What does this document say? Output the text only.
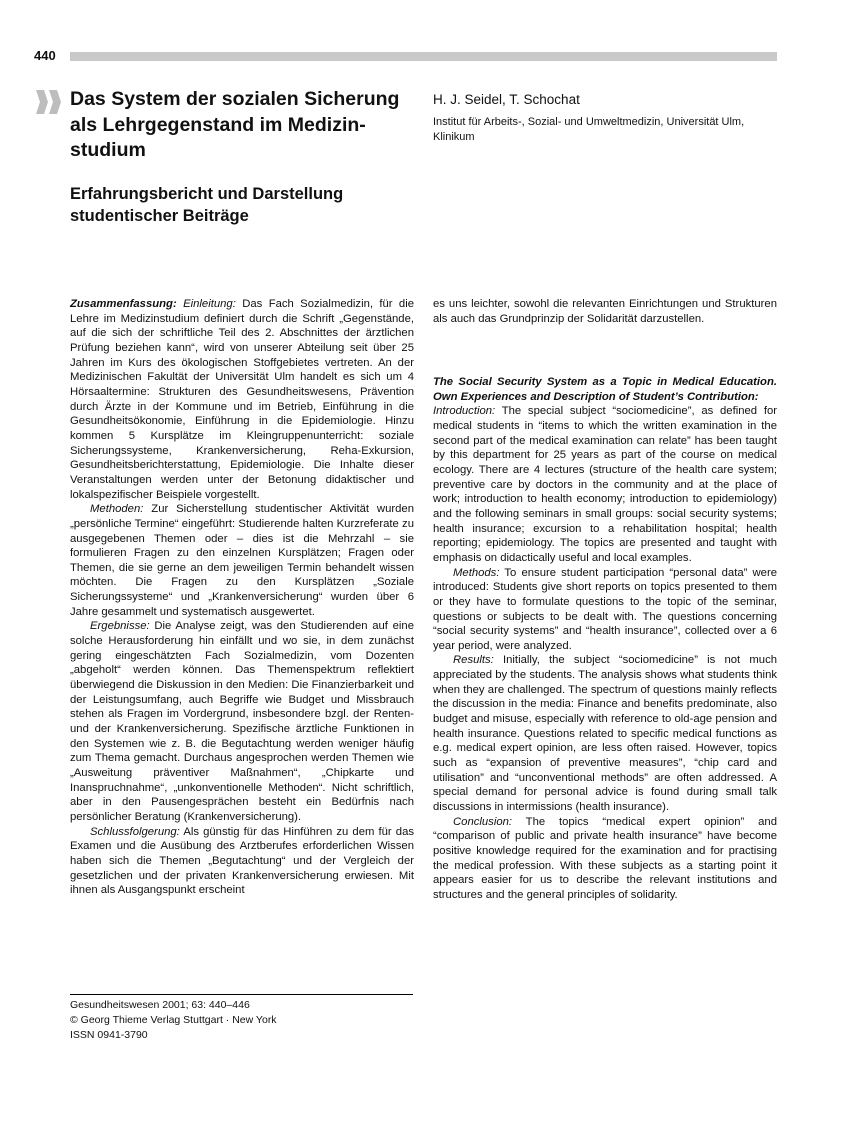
440
Das System der sozialen Sicherung als Lehrgegenstand im Medizin-studium
Erfahrungsbericht und Darstellung studentischer Beiträge
H. J. Seidel, T. Schochat
Institut für Arbeits-, Sozial- und Umweltmedizin, Universität Ulm, Klinikum

Zusammenfassung: Einleitung: Das Fach Sozialmedizin, für die Lehre im Medizinstudium definiert durch die Schrift „Gegenstände, auf die sich der schriftliche Teil des 2. Abschnittes der ärztlichen Prüfung beziehen kann“, wird von unserer Abteilung seit über 25 Jahren im Kurs des ökologischen Stoffgebietes vertreten. An der Medizinischen Fakultät der Universität Ulm handelt es sich um 4 Hörsaaltermine: Strukturen des Gesundheitswesens, Prävention durch Ärzte in der Kommune und im Betrieb, Einführung in die Gesundheitsökonomie, Einführung in die Epidemiologie. Hinzu kommen 5 Kursplätze im Kleingruppenunterricht: soziale Sicherungssysteme, Krankenversicherung, Reha-Exkursion, Gesundheitsberichterstattung, Epidemiologie. Die Inhalte dieser Veranstaltungen werden unter der Betonung didaktischer und lokalspezifischer Beispiele vorgestellt.

Methoden: Zur Sicherstellung studentischer Aktivität wurden „persönliche Termine“ eingeführt: Studierende halten Kurzreferate zu ausgegebenen Themen oder – dies ist die Mehrzahl – sie formulieren Fragen zu den einzelnen Kursplätzen; Fragen oder Themen, die sie gerne an dem jeweiligen Termin behandelt wissen möchten. Die Fragen zu den Kursplätzen „Soziale Sicherungssysteme“ und „Krankenversicherung“ wurden über 6 Jahre gesammelt und systematisch ausgewertet.

Ergebnisse: Die Analyse zeigt, was den Studierenden auf eine solche Herausforderung hin einfällt und wo sie, in dem zunächst gering eingeschätzten Fach Sozialmedizin, vom Dozenten „abgeholt“ werden können. Das Themenspektrum reflektiert überwiegend die Diskussion in den Medien: Die Finanzierbarkeit und der Leistungsumfang, auch Begriffe wie Budget und Missbrauch stehen als Fragen im Vordergrund, insbesondere bzgl. der Renten- und der Krankenversicherung. Spezifische ärztliche Funktionen in den Systemen wie z. B. die Begutachtung werden weniger häufig zum Thema gemacht. Durchaus angesprochen werden Themen wie „Ausweitung präventiver Maßnahmen“, „Chipkarte und Inanspruchnahme“, „unkonventionelle Methoden“. Nicht schriftlich, aber in den Pausengesprächen besteht ein Bedürfnis nach persönlicher Beratung (Krankenversicherung).

Schlussfolgerung: Als günstig für das Hinführen zu dem für das Examen und die Ausübung des Arztberufes erforderlichen Wissen haben sich die Themen „Begutachtung“ und der Vergleich der gesetzlichen und der privaten Krankenversicherung erwiesen. Mit ihnen als Ausgangspunkt erscheint

es uns leichter, sowohl die relevanten Einrichtungen und Strukturen als auch das Grundprinzip der Solidarität darzustellen.

The Social Security System as a Topic in Medical Education. Own Experiences and Description of Student’s Contribution:

Introduction: The special subject “sociomedicine”, as defined for medical students in “items to which the written examination in the second part of the medical examination can relate” has been taught by this department for 25 years as part of the course on medical ecology. There are 4 lectures (structure of the health care system; preventive care by doctors in the community and at the place of work; introduction to health economy; introduction to epidemiology) and the following seminars in small groups: social security systems; health insurance; excursion to a rehabilitation hospital; health reporting; epidemiology. The topics are presented and taught with emphasis on didactically useful and local examples.

Methods: To ensure student participation “personal data” were introduced: Students give short reports on topics presented to them or they have to formulate questions to the topic of the seminar, questions or subjects to be dealt with. The questions concerning “social security systems” and “health insurance”, collected over a 6 year period, were analyzed.

Results: Initially, the subject “sociomedicine” is not much appreciated by the students. The analysis shows what students think when they are challenged. The spectrum of questions mainly reflects the discussion in the media: Finance and benefits predominate, also budget and misuse, especially with reference to old-age pension and health insurance. Questions related to specific medical functions as e.g. medical expert opinion, are less often raised. However, topics such as “expansion of preventive measures”, “chip card and utilisation” and “unconventional methods” are often addressed. A special demand for personal advice is found during small talk discussions in intermissions (health insurance).

Conclusion: The topics “medical expert opinion” and “comparison of public and private health insurance” have become positive knowledge required for the examination and for practising the medical profession. With these subjects as a starting point it appears easier for us to describe the relevant institutions and structures and the general principles of solidarity.

Gesundheitswesen 2001; 63: 440–446
© Georg Thieme Verlag Stuttgart · New York
ISSN 0941-3790
